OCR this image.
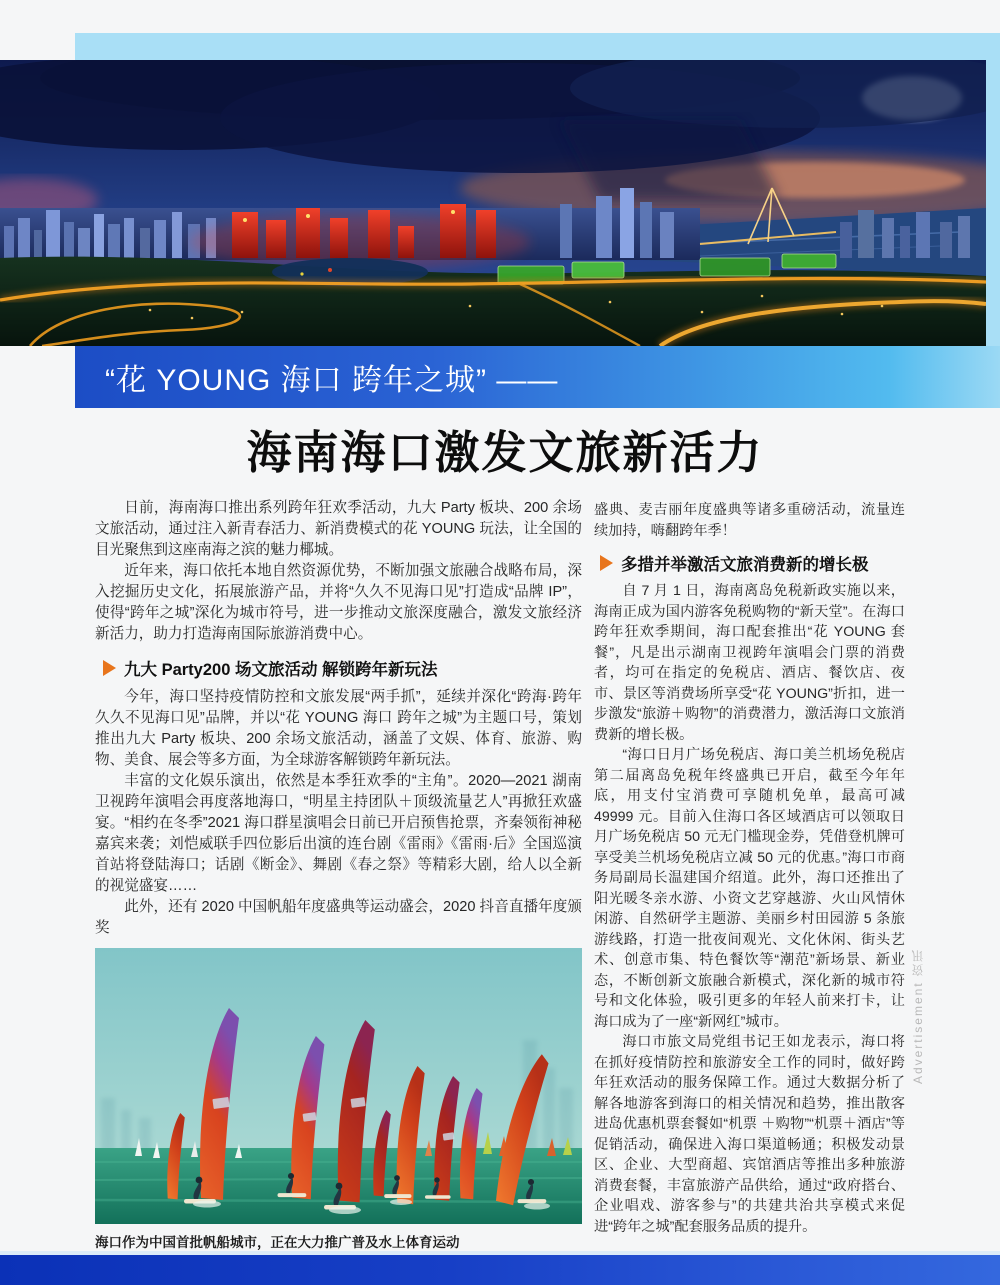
“花 YOUNG 海口 跨年之城” ——
海南海口激发文旅新活力

日前，海南海口推出系列跨年狂欢季活动，九大 Party 板块、200 余场文旅活动，通过注入新青春活力、新消费模式的花 YOUNG 玩法，让全国的目光聚焦到这座南海之滨的魅力椰城。

近年来，海口依托本地自然资源优势，不断加强文旅融合战略布局，深入挖掘历史文化，拓展旅游产品，并将“久久不见海口见”打造成“品牌 IP”，使得“跨年之城”深化为城市符号，进一步推动文旅深度融合，激发文旅经济新活力，助力打造海南国际旅游消费中心。

九大 Party200 场文旅活动 解锁跨年新玩法

今年，海口坚持疫情防控和文旅发展“两手抓”，延续并深化“跨海·跨年 久久不见海口见”品牌，并以“花 YOUNG 海口 跨年之城”为主题口号，策划推出九大 Party 板块、200 余场文旅活动，涵盖了文娱、体育、旅游、购物、美食、展会等多方面，为全球游客解锁跨年新玩法。

丰富的文化娱乐演出，依然是本季狂欢季的“主角”。2020—2021 湖南卫视跨年演唱会再度落地海口，“明星主持团队＋顶级流量艺人”再掀狂欢盛宴。“相约在冬季”2021 海口群星演唱会日前已开启预售抢票，齐秦领衔神秘嘉宾来袭；刘恺威联手四位影后出演的连台剧《雷雨》《雷雨·后》全国巡演首站将登陆海口；话剧《断金》、舞剧《春之祭》等精彩大剧，给人以全新的视觉盛宴……

此外，还有 2020 中国帆船年度盛典等运动盛会，2020 抖音直播年度颁奖

海口作为中国首批帆船城市，正在大力推广普及水上体育运动

盛典、麦吉丽年度盛典等诸多重磅活动，流量连续加持，嗨翻跨年季！

多措并举激活文旅消费新的增长极

自 7 月 1 日，海南离岛免税新政实施以来，海南正成为国内游客免税购物的“新天堂”。在海口跨年狂欢季期间，海口配套推出“花 YOUNG 套餐”，凡是出示湖南卫视跨年演唱会门票的消费者，均可在指定的免税店、酒店、餐饮店、夜市、景区等消费场所享受“花 YOUNG”折扣，进一步激发“旅游＋购物”的消费潜力，激活海口文旅消费新的增长极。

“海口日月广场免税店、海口美兰机场免税店第二届离岛免税年终盛典已开启，截至今年年底，用支付宝消费可享随机免单，最高可减 49999 元。目前入住海口各区域酒店可以领取日月广场免税店 50 元无门槛现金券，凭借登机牌可享受美兰机场免税店立减 50 元的优惠。”海口市商务局副局长温建国介绍道。此外，海口还推出了阳光暖冬亲水游、小资文艺穿越游、火山风情休闲游、自然研学主题游、美丽乡村田园游 5 条旅游线路，打造一批夜间观光、文化休闲、街头艺术、创意市集、特色餐饮等“潮范”新场景、新业态，不断创新文旅融合新模式，深化新的城市符号和文化体验，吸引更多的年轻人前来打卡，让海口成为了一座“新网红”城市。

海口市旅文局党组书记王如龙表示，海口将在抓好疫情防控和旅游安全工作的同时，做好跨年狂欢活动的服务保障工作。通过大数据分析了解各地游客到海口的相关情况和趋势，推出散客进岛优惠机票套餐如“机票 ＋购物”“机票＋酒店”等促销活动，确保进入海口渠道畅通；积极发动景区、企业、大型商超、宾馆酒店等推出多种旅游消费套餐，丰富旅游产品供给，通过“政府搭台、企业唱戏、游客参与”的共建共治共享模式来促进“跨年之城”配套服务品质的提升。

Advertisement 资讯
